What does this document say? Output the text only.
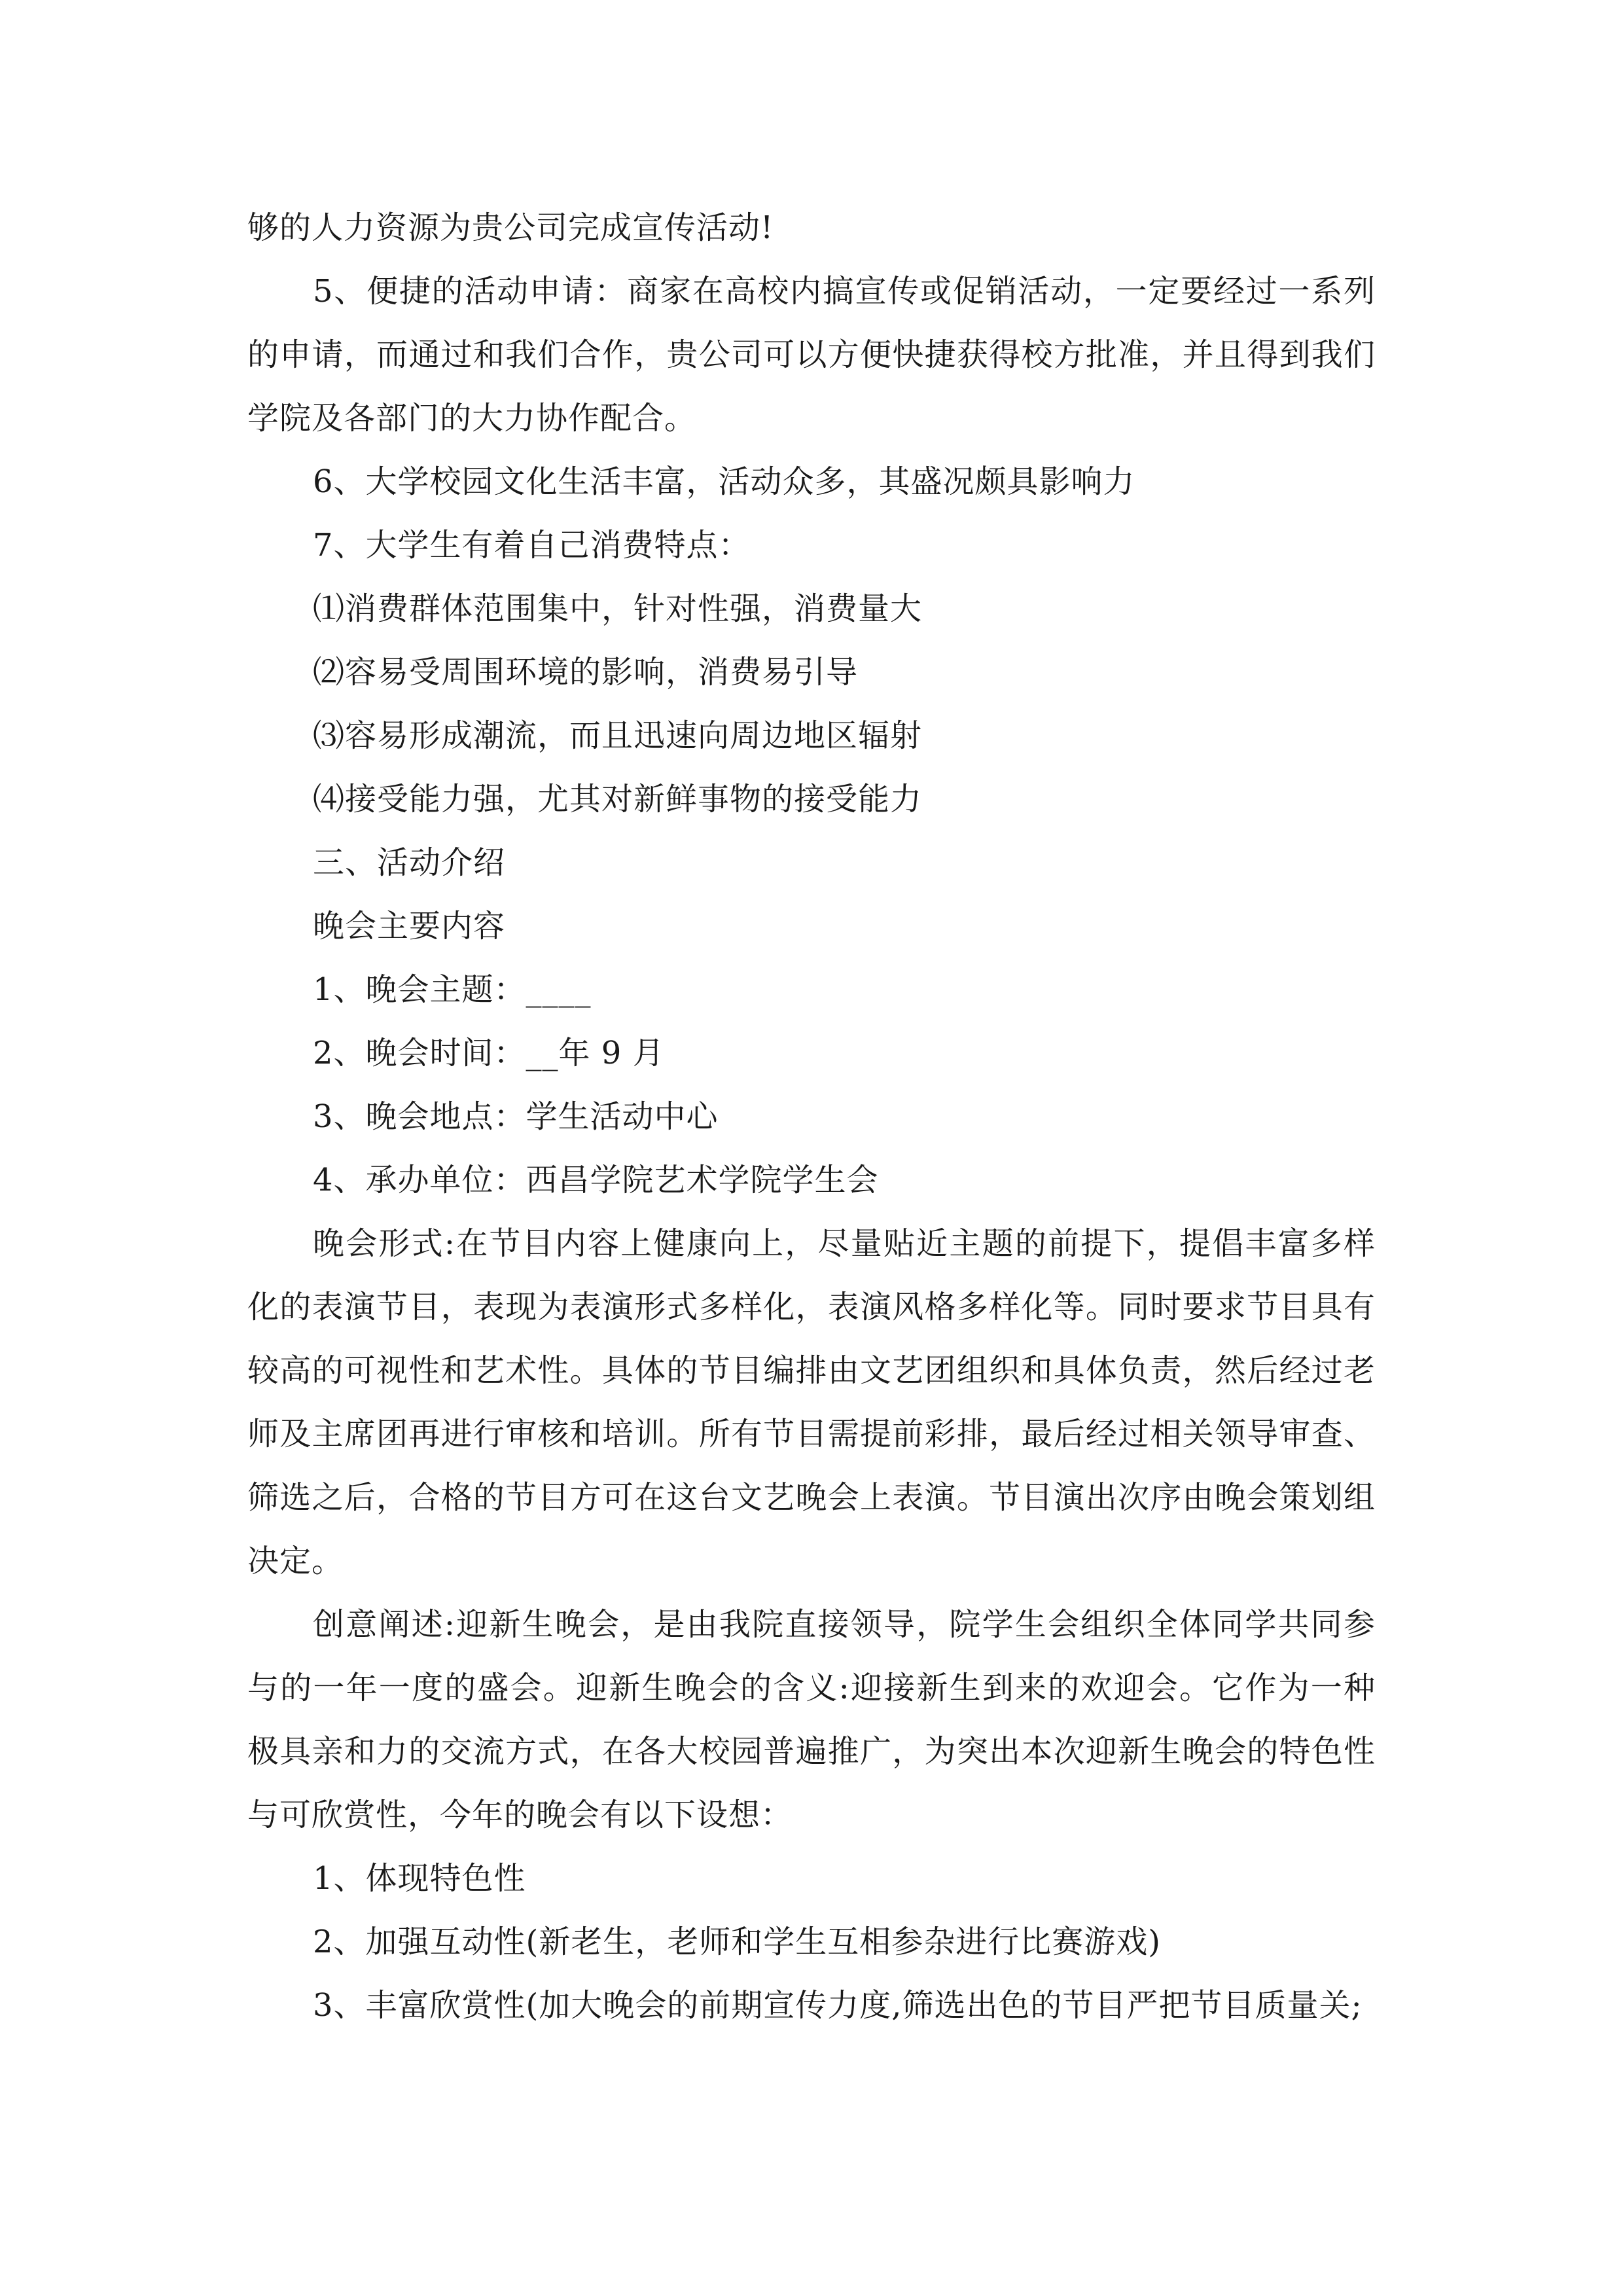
够的人力资源为贵公司完成宣传活动!

5、便捷的活动申请：商家在高校内搞宣传或促销活动，一定要经过一系列的申请，而通过和我们合作，贵公司可以方便快捷获得校方批准，并且得到我们学院及各部门的大力协作配合。

6、大学校园文化生活丰富，活动众多，其盛况颇具影响力

7、大学生有着自己消费特点：

⑴消费群体范围集中，针对性强，消费量大

⑵容易受周围环境的影响，消费易引导

⑶容易形成潮流，而且迅速向周边地区辐射

⑷接受能力强，尤其对新鲜事物的接受能力

三、活动介绍

晚会主要内容

1、晚会主题：____

2、晚会时间：__年 9 月

3、晚会地点：学生活动中心

4、承办单位：西昌学院艺术学院学生会

晚会形式:在节目内容上健康向上，尽量贴近主题的前提下，提倡丰富多样化的表演节目，表现为表演形式多样化，表演风格多样化等。同时要求节目具有较高的可视性和艺术性。具体的节目编排由文艺团组织和具体负责，然后经过老师及主席团再进行审核和培训。所有节目需提前彩排，最后经过相关领导审查、筛选之后，合格的节目方可在这台文艺晚会上表演。节目演出次序由晚会策划组决定。

创意阐述:迎新生晚会，是由我院直接领导，院学生会组织全体同学共同参与的一年一度的盛会。迎新生晚会的含义:迎接新生到来的欢迎会。它作为一种极具亲和力的交流方式，在各大校园普遍推广，为突出本次迎新生晚会的特色性与可欣赏性，今年的晚会有以下设想：

1、体现特色性

2、加强互动性(新老生，老师和学生互相参杂进行比赛游戏)

3、丰富欣赏性(加大晚会的前期宣传力度,筛选出色的节目严把节目质量关;
